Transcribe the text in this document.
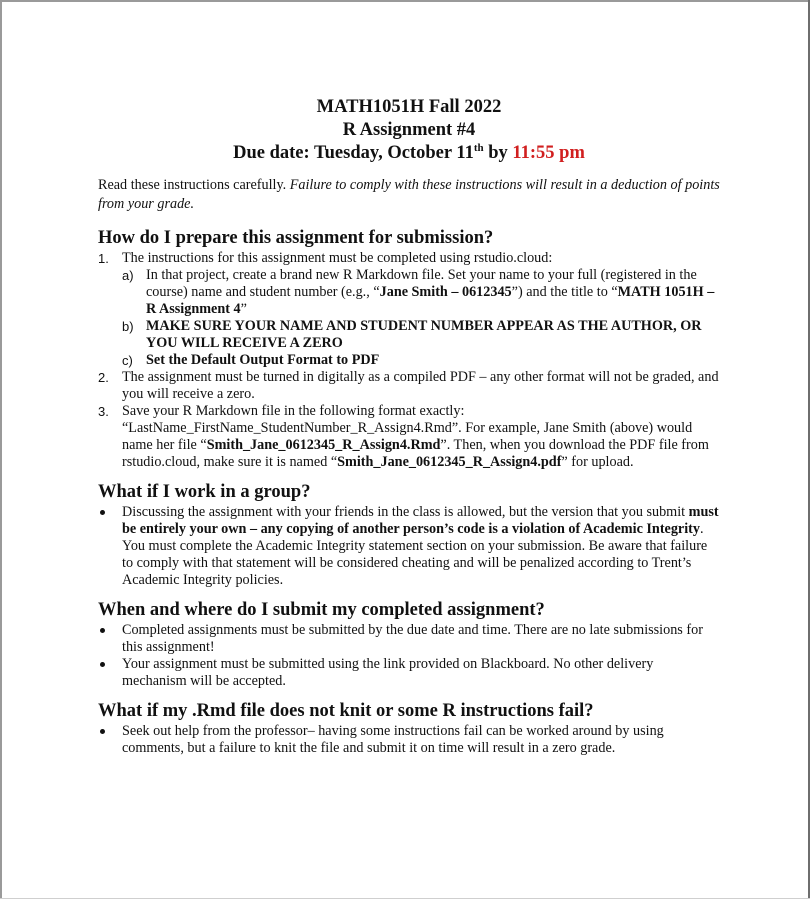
MATH1051H Fall 2022
R Assignment #4
Due date: Tuesday, October 11th by 11:55 pm
Read these instructions carefully. Failure to comply with these instructions will result in a deduction of points from your grade.
How do I prepare this assignment for submission?
1. The instructions for this assignment must be completed using rstudio.cloud:
a) In that project, create a brand new R Markdown file. Set your name to your full (registered in the course) name and student number (e.g., “Jane Smith – 0612345”) and the title to “MATH 1051H – R Assignment 4”
b) MAKE SURE YOUR NAME AND STUDENT NUMBER APPEAR AS THE AUTHOR, OR YOU WILL RECEIVE A ZERO
c) Set the Default Output Format to PDF
2. The assignment must be turned in digitally as a compiled PDF – any other format will not be graded, and you will receive a zero.
3. Save your R Markdown file in the following format exactly: “LastName_FirstName_StudentNumber_R_Assign4.Rmd”. For example, Jane Smith (above) would name her file “Smith_Jane_0612345_R_Assign4.Rmd”. Then, when you download the PDF file from rstudio.cloud, make sure it is named “Smith_Jane_0612345_R_Assign4.pdf” for upload.
What if I work in a group?
Discussing the assignment with your friends in the class is allowed, but the version that you submit must be entirely your own – any copying of another person’s code is a violation of Academic Integrity. You must complete the Academic Integrity statement section on your submission. Be aware that failure to comply with that statement will be considered cheating and will be penalized according to Trent’s Academic Integrity policies.
When and where do I submit my completed assignment?
Completed assignments must be submitted by the due date and time. There are no late submissions for this assignment!
Your assignment must be submitted using the link provided on Blackboard. No other delivery mechanism will be accepted.
What if my .Rmd file does not knit or some R instructions fail?
Seek out help from the professor– having some instructions fail can be worked around by using comments, but a failure to knit the file and submit it on time will result in a zero grade.
